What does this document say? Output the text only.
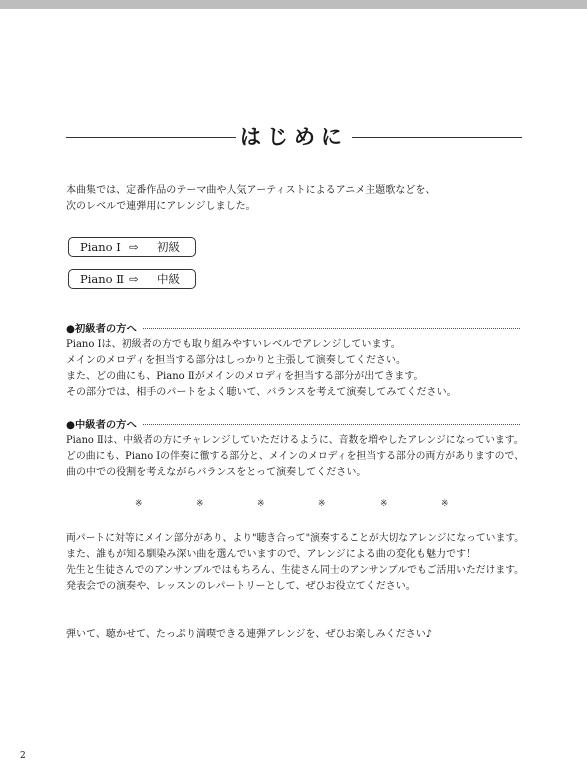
はじめに
本曲集では、定番作品のテーマ曲や人気アーティストによるアニメ主題歌などを、
次のレベルで連弾用にアレンジしました。
Piano Ⅰ ⇨ 初級
Piano Ⅱ ⇨ 中級
●初級者の方へ
Piano Ⅰは、初級者の方でも取り組みやすいレベルでアレンジしています。
メインのメロディを担当する部分はしっかりと主張して演奏してください。
また、どの曲にも、Piano Ⅱがメインのメロディを担当する部分が出てきます。
その部分では、相手のパートをよく聴いて、バランスを考えて演奏してみてください。
●中級者の方へ
Piano Ⅱは、中級者の方にチャレンジしていただけるように、音数を増やしたアレンジになっています。
どの曲にも、Piano Ⅰの伴奏に徹する部分と、メインのメロディを担当する部分の両方がありますので、
曲の中での役割を考えながらバランスをとって演奏してください。
※	※	※	※	※	※
両パートに対等にメイン部分があり、より"聴き合って"演奏することが大切なアレンジになっています。
また、誰もが知る馴染み深い曲を選んでいますので、アレンジによる曲の変化も魅力です！
先生と生徒さんでのアンサンブルではもちろん、生徒さん同士のアンサンブルでもご活用いただけます。
発表会での演奏や、レッスンのレパートリーとして、ぜひお役立てください。
弾いて、聴かせて、たっぷり満喫できる連弾アレンジを、ぜひお楽しみください♪
2
